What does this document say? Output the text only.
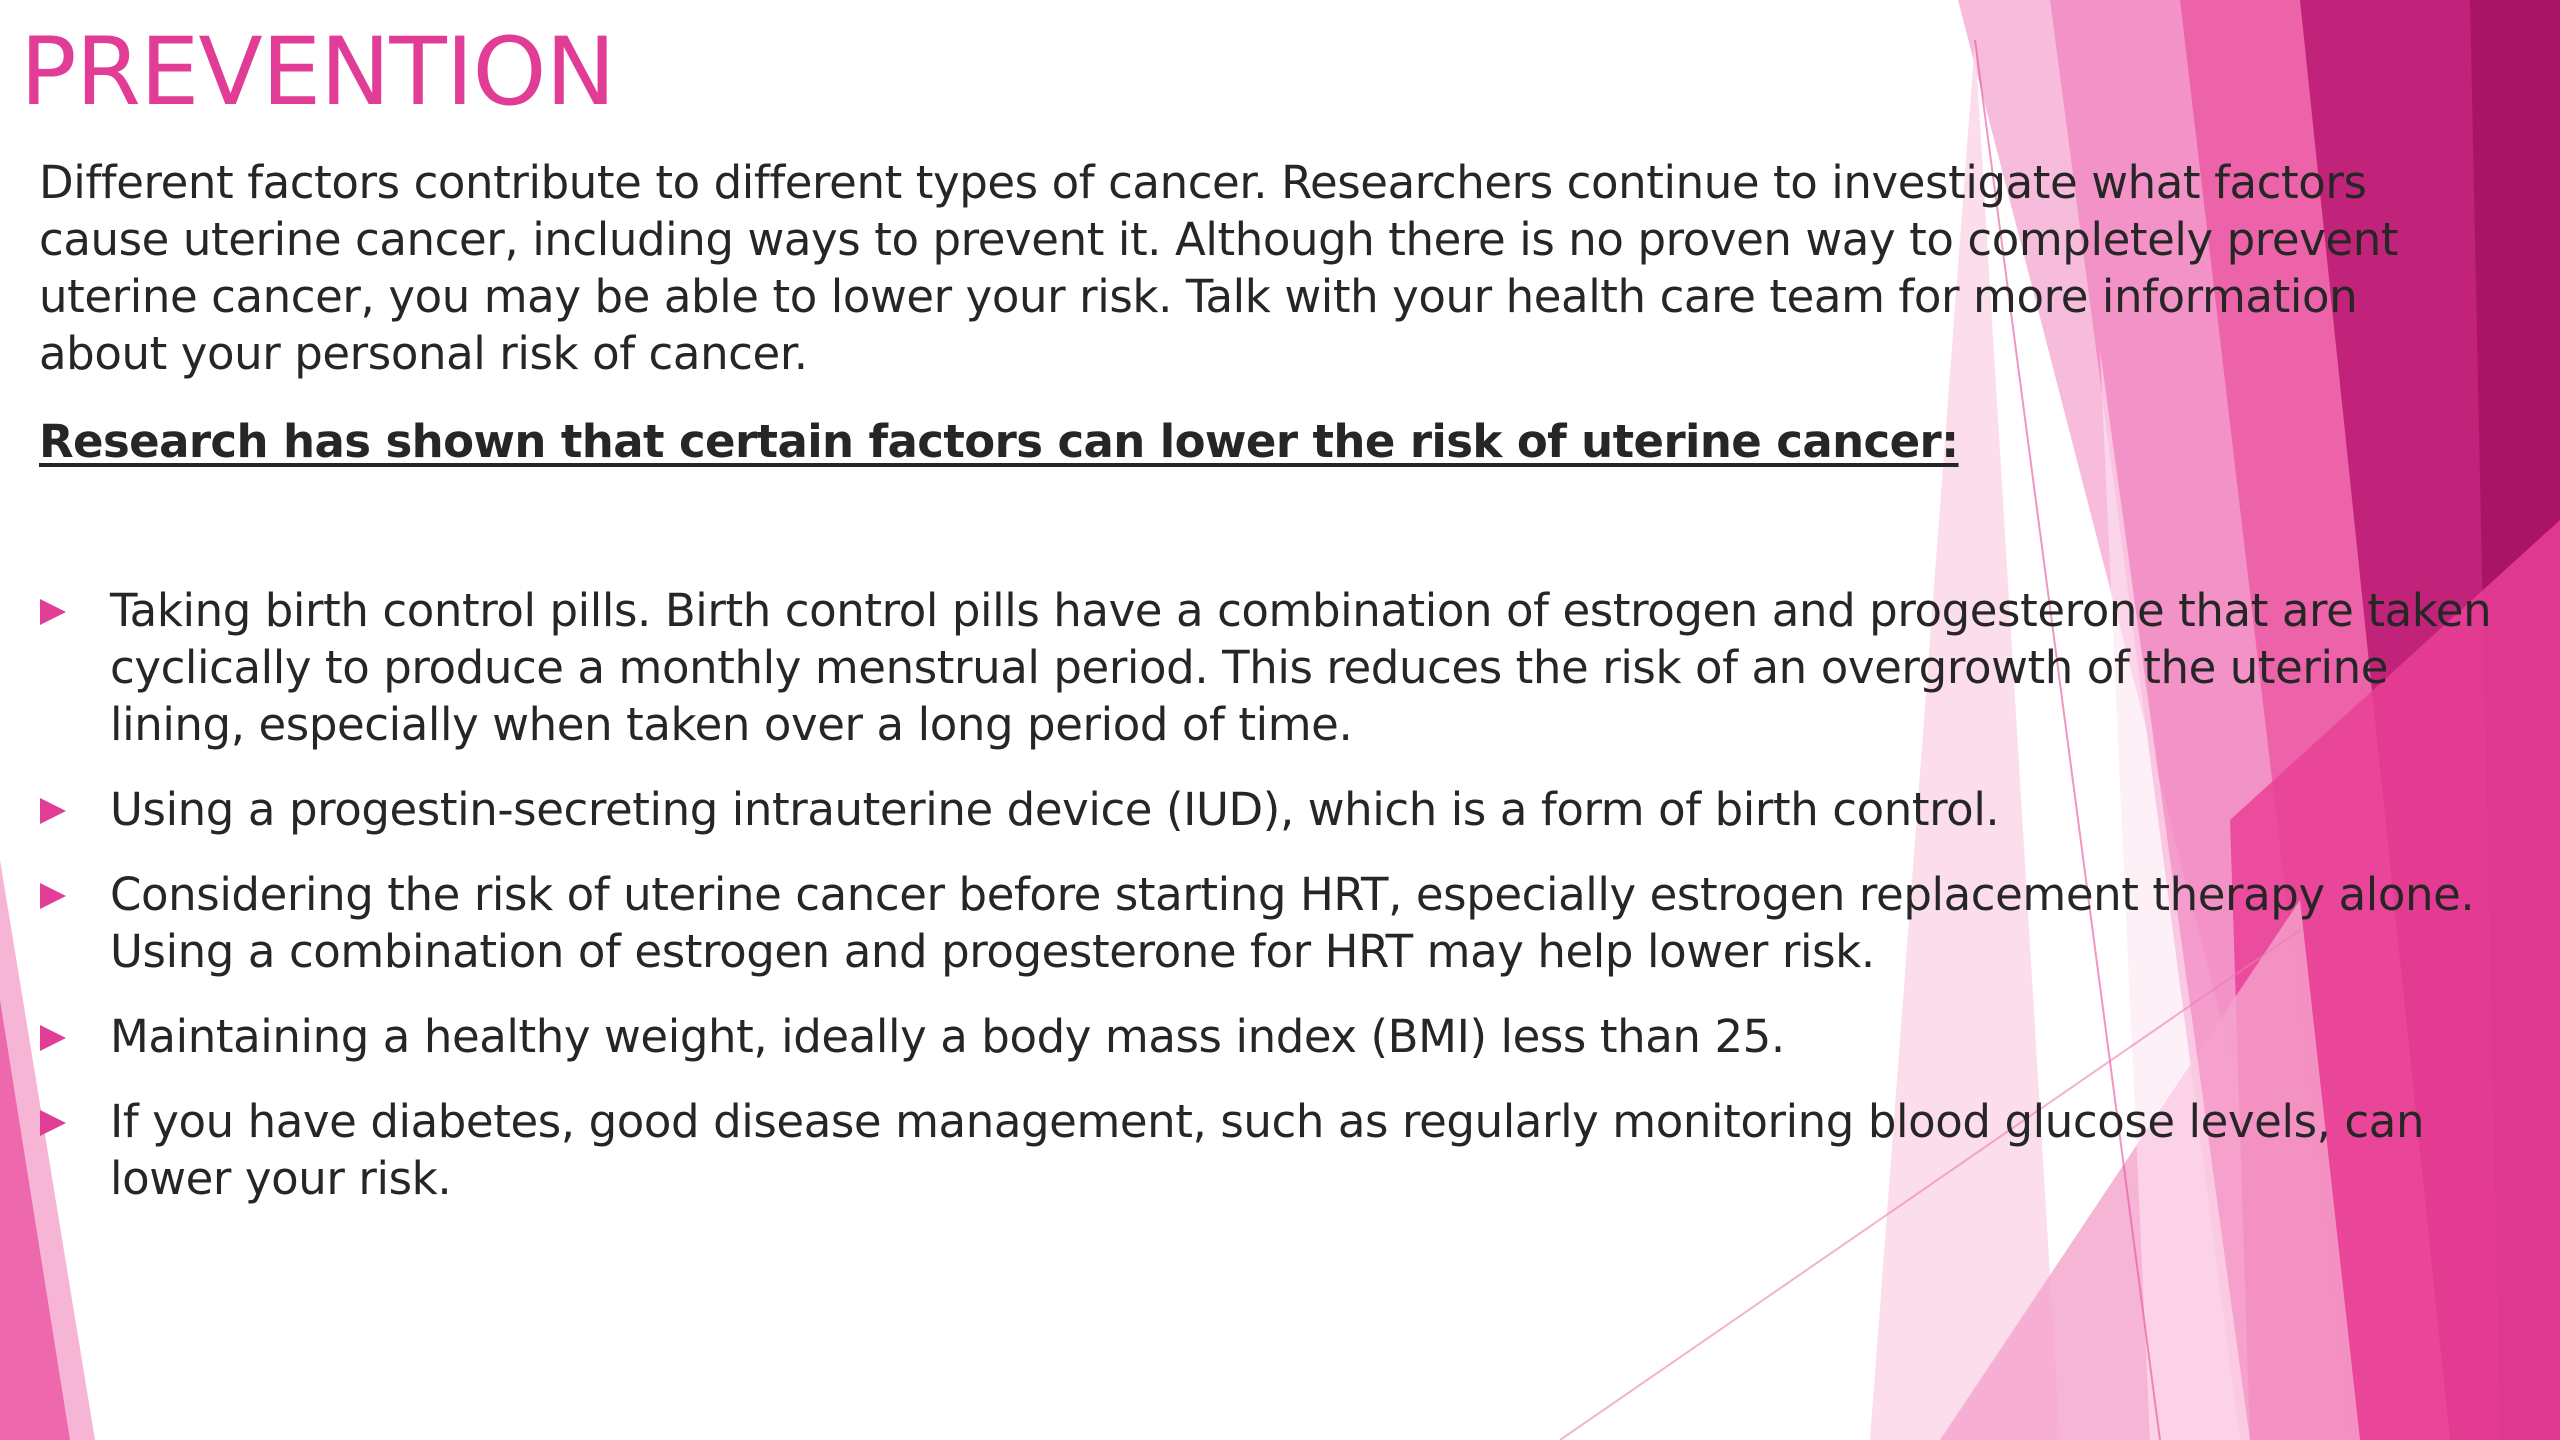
PREVENTION

Different factors contribute to different types of cancer. Researchers continue to investigate what factors cause uterine cancer, including ways to prevent it. Although there is no proven way to completely prevent uterine cancer, you may be able to lower your risk. Talk with your health care team for more information about your personal risk of cancer.

Research has shown that certain factors can lower the risk of uterine cancer:

Taking birth control pills. Birth control pills have a combination of estrogen and progesterone that are taken cyclically to produce a monthly menstrual period. This reduces the risk of an overgrowth of the uterine lining, especially when taken over a long period of time.
Using a progestin-secreting intrauterine device (IUD), which is a form of birth control.
Considering the risk of uterine cancer before starting HRT, especially estrogen replacement therapy alone. Using a combination of estrogen and progesterone for HRT may help lower risk.
Maintaining a healthy weight, ideally a body mass index (BMI) less than 25.
If you have diabetes, good disease management, such as regularly monitoring blood glucose levels, can lower your risk.
